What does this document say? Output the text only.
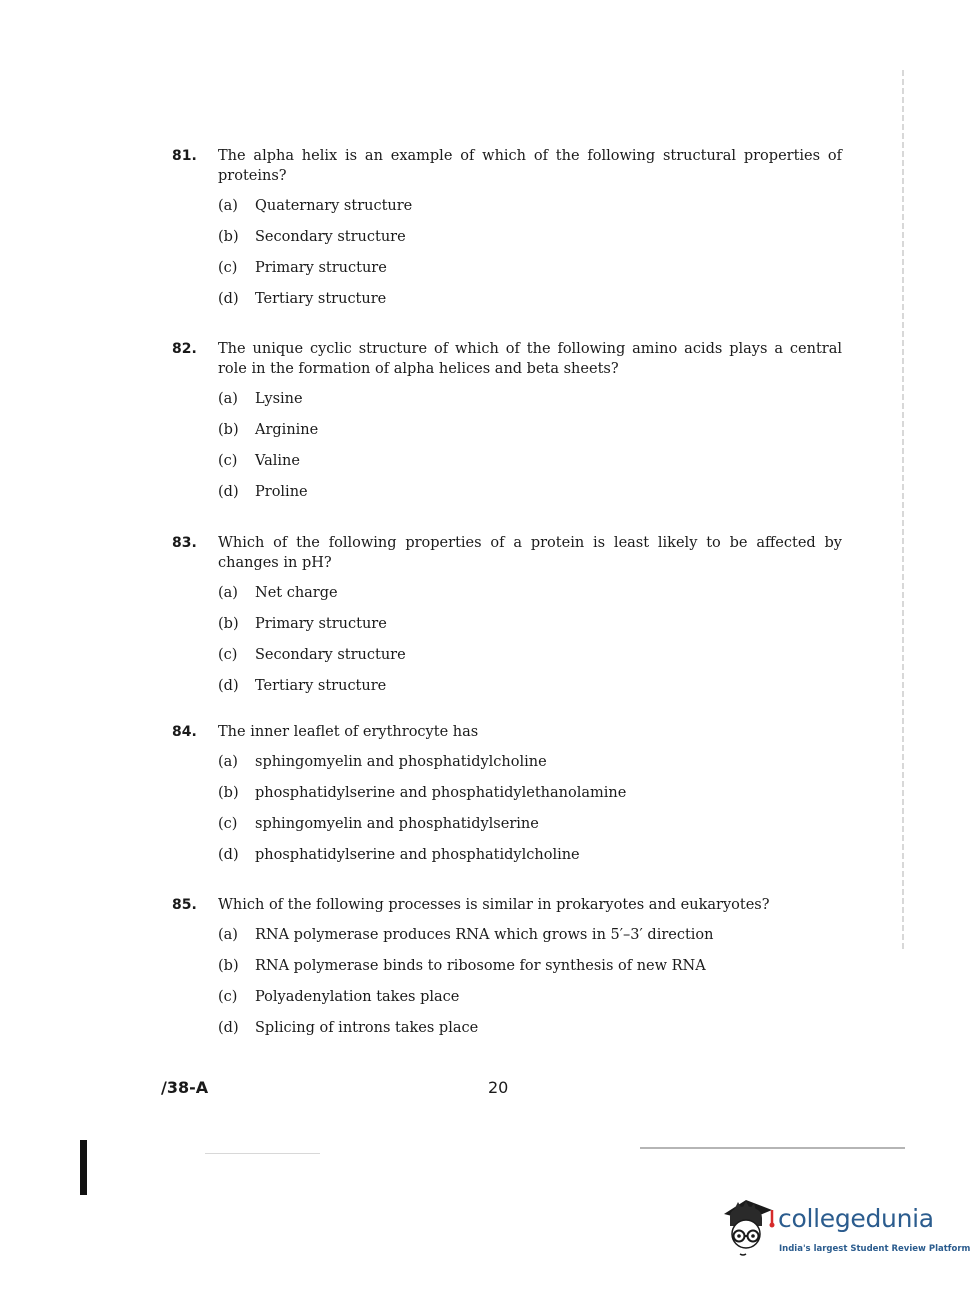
81.	The alpha helix is an example of which of the following structural properties of proteins?
(a)	Quaternary structure
(b)	Secondary structure
(c)	Primary structure
(d)	Tertiary structure
82.	The unique cyclic structure of which of the following amino acids plays a central role in the formation of alpha helices and beta sheets?
(a)	Lysine
(b)	Arginine
(c)	Valine
(d)	Proline
83.	Which of the following properties of a protein is least likely to be affected by changes in pH?
(a)	Net charge
(b)	Primary structure
(c)	Secondary structure
(d)	Tertiary structure
84.	The inner leaflet of erythrocyte has
(a)	sphingomyelin and phosphatidylcholine
(b)	phosphatidylserine and phosphatidylethanolamine
(c)	sphingomyelin and phosphatidylserine
(d)	phosphatidylserine and phosphatidylcholine
85.	Which of the following processes is similar in prokaryotes and eukaryotes?
(a)	RNA polymerase produces RNA which grows in 5′–3′ direction
(b)	RNA polymerase binds to ribosome for synthesis of new RNA
(c)	Polyadenylation takes place
(d)	Splicing of introns takes place
/38-A	20
collegedunia
India's largest Student Review Platform
